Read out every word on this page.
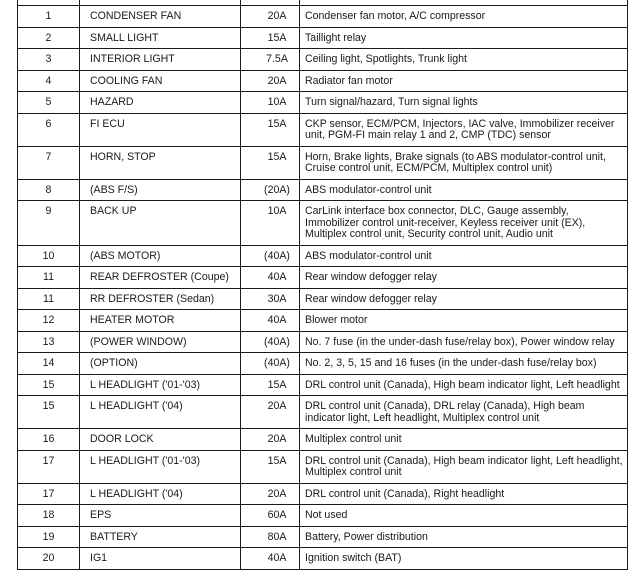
1	CONDENSER FAN	20A	Condenser fan motor, A/C compressor
2	SMALL LIGHT	15A	Taillight relay
3	INTERIOR LIGHT	7.5A	Ceiling light, Spotlights, Trunk light
4	COOLING FAN	20A	Radiator fan motor
5	HAZARD	10A	Turn signal/hazard, Turn signal lights
6	FI ECU	15A	CKP sensor, ECM/PCM, Injectors, IAC valve, Immobilizer receiver unit, PGM-FI main relay 1 and 2, CMP (TDC) sensor
7	HORN, STOP	15A	Horn, Brake lights, Brake signals (to ABS modulator-control unit, Cruise control unit, ECM/PCM, Multiplex control unit)
8	(ABS F/S)	(20A)	ABS modulator-control unit
9	BACK UP	10A	CarLink interface box connector, DLC, Gauge assembly, Immobilizer control unit-receiver, Keyless receiver unit (EX), Multiplex control unit, Security control unit, Audio unit
10	(ABS MOTOR)	(40A)	ABS modulator-control unit
11	REAR DEFROSTER (Coupe)	40A	Rear window defogger relay
11	RR DEFROSTER (Sedan)	30A	Rear window defogger relay
12	HEATER MOTOR	40A	Blower motor
13	(POWER WINDOW)	(40A)	No. 7 fuse (in the under-dash fuse/relay box), Power window relay
14	(OPTION)	(40A)	No. 2, 3, 5, 15 and 16 fuses (in the under-dash fuse/relay box)
15	L HEADLIGHT ('01-'03)	15A	DRL control unit (Canada), High beam indicator light, Left headlight
15	L HEADLIGHT ('04)	20A	DRL control unit (Canada), DRL relay (Canada), High beam indicator light, Left headlight, Multiplex control unit
16	DOOR LOCK	20A	Multiplex control unit
17	L HEADLIGHT ('01-'03)	15A	DRL control unit (Canada), High beam indicator light, Left headlight, Multiplex control unit
17	L HEADLIGHT ('04)	20A	DRL control unit (Canada), Right headlight
18	EPS	60A	Not used
19	BATTERY	80A	Battery, Power distribution
20	IG1	40A	Ignition switch (BAT)
